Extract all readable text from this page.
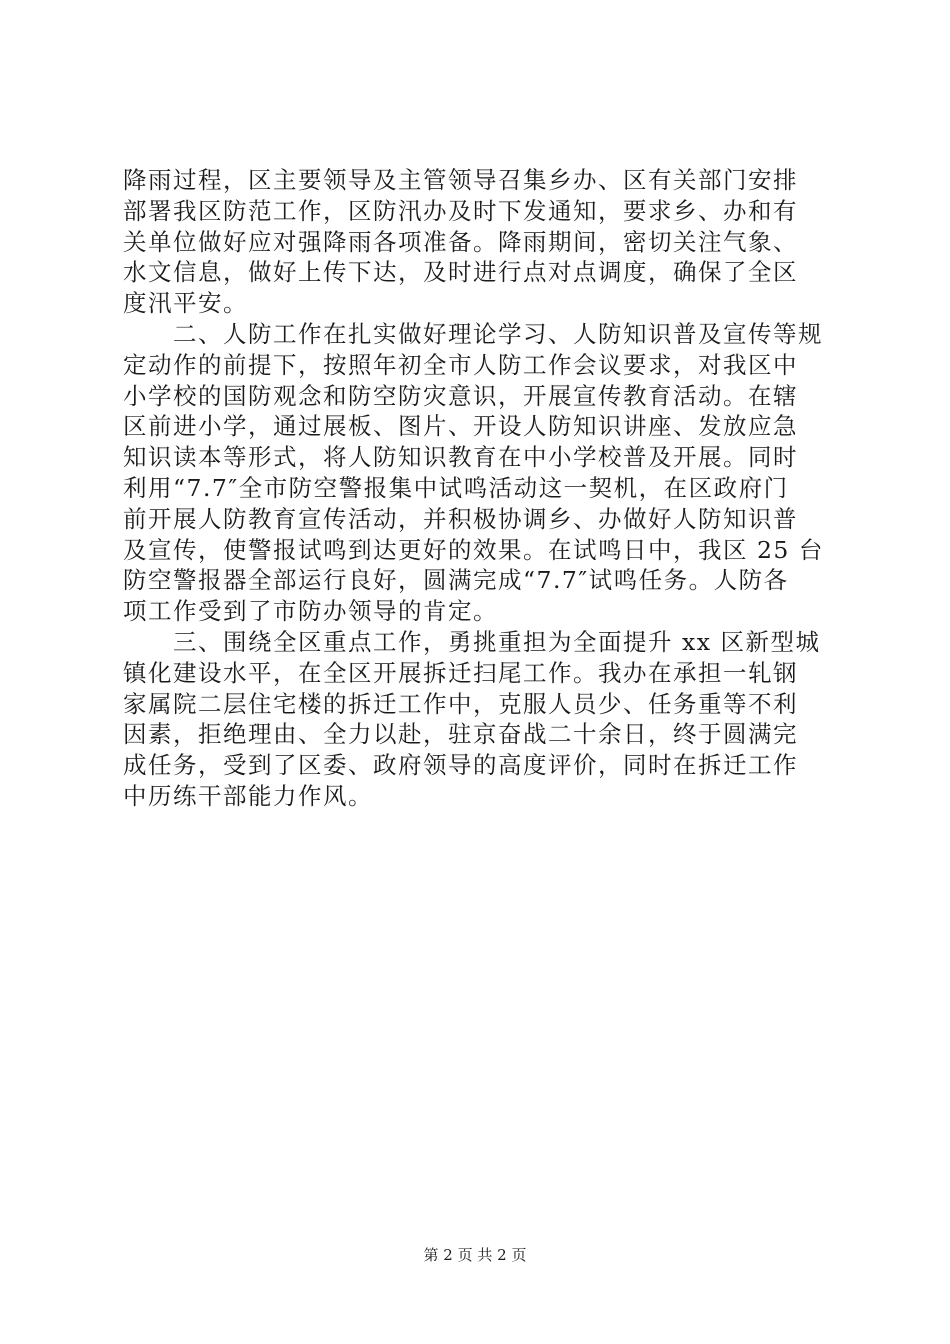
降雨过程，区主要领导及主管领导召集乡办、区有关部门安排
部署我区防范工作，区防汛办及时下发通知，要求乡、办和有
关单位做好应对强降雨各项准备。降雨期间，密切关注气象、
水文信息，做好上传下达，及时进行点对点调度，确保了全区
度汛平安。
　　二、人防工作在扎实做好理论学习、人防知识普及宣传等规
定动作的前提下，按照年初全市人防工作会议要求，对我区中
小学校的国防观念和防空防灾意识，开展宣传教育活动。在辖
区前进小学，通过展板、图片、开设人防知识讲座、发放应急
知识读本等形式，将人防知识教育在中小学校普及开展。同时
利用“7.7″全市防空警报集中试鸣活动这一契机，在区政府门
前开展人防教育宣传活动，并积极协调乡、办做好人防知识普
及宣传，使警报试鸣到达更好的效果。在试鸣日中，我区 25 台
防空警报器全部运行良好，圆满完成“7.7″试鸣任务。人防各
项工作受到了市防办领导的肯定。
　　三、围绕全区重点工作，勇挑重担为全面提升 xx 区新型城
镇化建设水平，在全区开展拆迁扫尾工作。我办在承担一轧钢
家属院二层住宅楼的拆迁工作中，克服人员少、任务重等不利
因素，拒绝理由、全力以赴，驻京奋战二十余日，终于圆满完
成任务，受到了区委、政府领导的高度评价，同时在拆迁工作
中历练干部能力作风。
第 2 页 共 2 页
